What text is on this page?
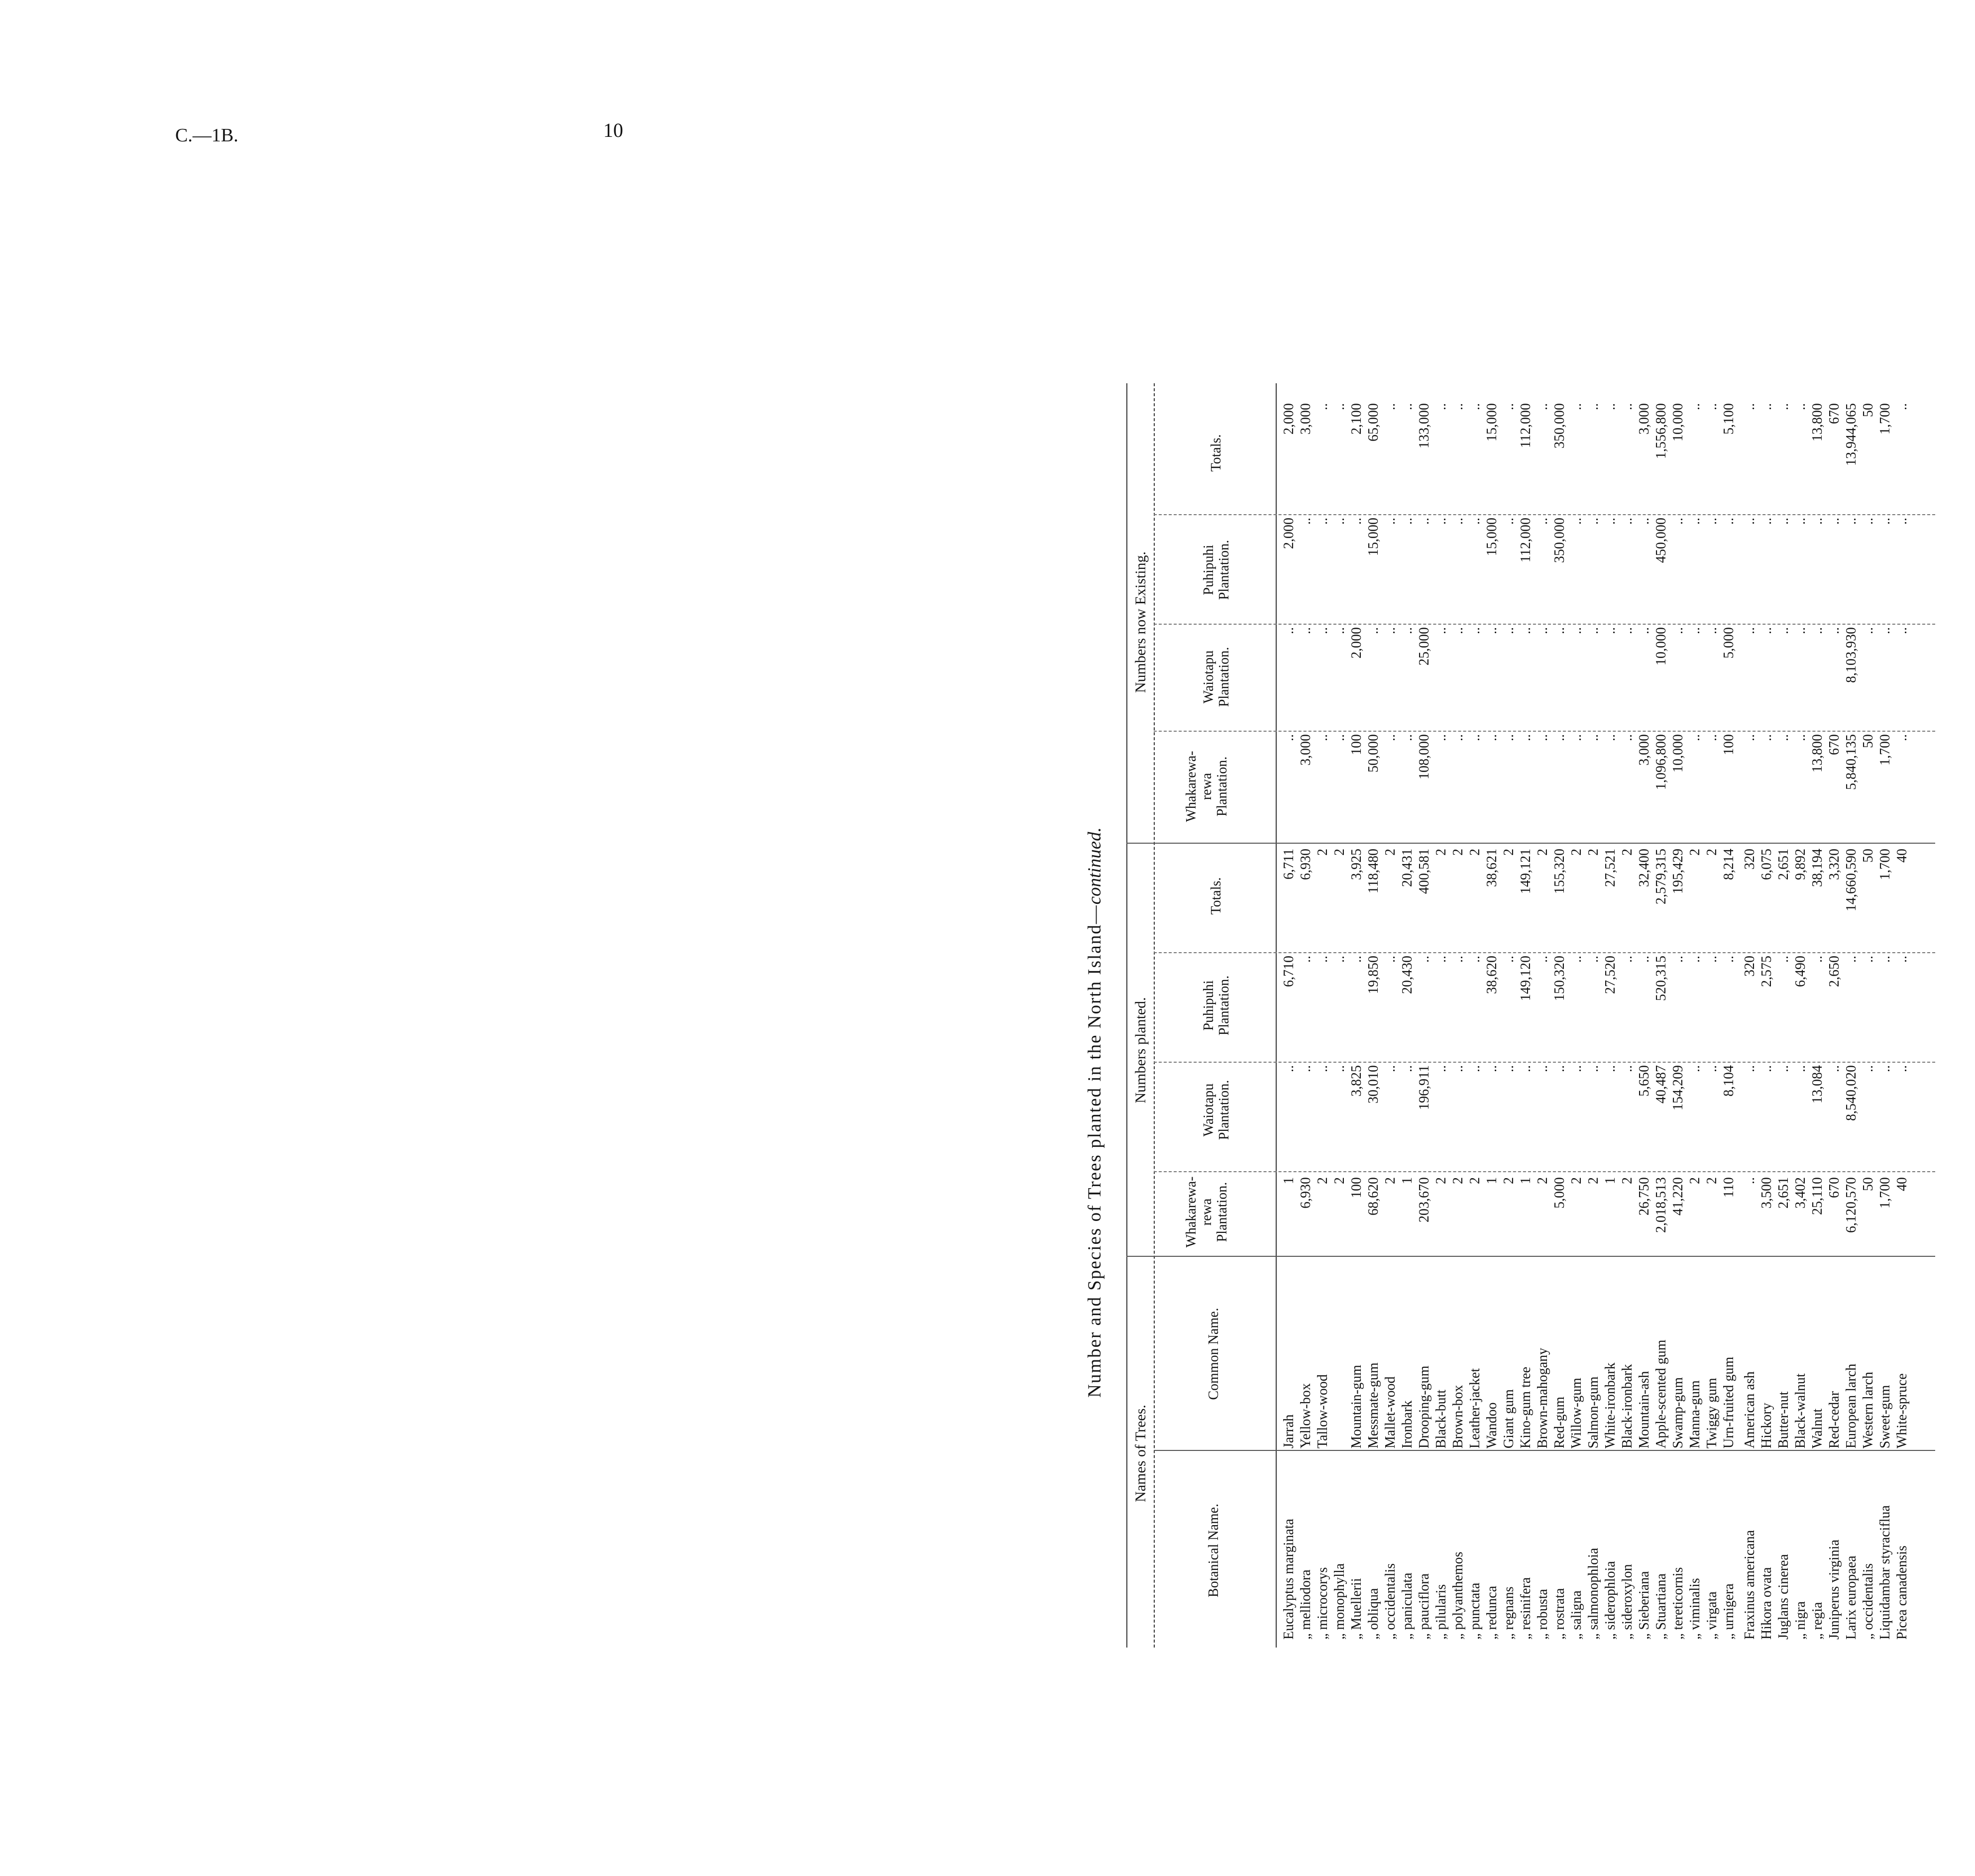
C.—1B.	10
Number and Species of Trees planted in the North Island—continued.
Names of Trees.
Numbers planted.
Numbers now Existing.
Botanical Name.
Common Name.
Whakarewa-rewa Plantation.
Waiotapu Plantation.
Puhipuhi Plantation.
Totals.
Whakarewa-rewa Plantation.
Waiotapu Plantation.
Puhipuhi Plantation.
Totals.
Eucalyptus marginata
Jarrah
1
..
6,710
6,711
..
..
2,000
2,000
„ melliodora
Yellow-box
6,930
..
..
6,930
3,000
..
..
3,000
„ microcorys
Tallow-wood
2
..
..
2
..
..
..
..
„ monophylla
2
..
..
2
..
..
..
..
„ Muellerii
Mountain-gum
100
3,825
..
3,925
100
2,000
..
2,100
„ obliqua
Messmate-gum
68,620
30,010
19,850
118,480
50,000
..
15,000
65,000
„ occidentalis
Mallet-wood
2
..
..
2
..
..
..
..
„ paniculata
Ironbark
1
..
20,430
20,431
..
..
..
..
„ pauciflora
Drooping-gum
203,670
196,911
..
400,581
108,000
25,000
..
133,000
„ pilularis
Black-butt
2
..
..
2
..
..
..
..
„ polyanthemos
Brown-box
2
..
..
2
..
..
..
..
„ punctata
Leather-jacket
2
..
..
2
..
..
..
..
„ redunca
Wandoo
1
..
38,620
38,621
..
..
15,000
15,000
„ regnans
Giant gum
2
..
..
2
..
..
..
..
„ resinifera
Kino-gum tree
1
..
149,120
149,121
..
..
112,000
112,000
„ robusta
Brown-mahogany
2
..
..
2
..
..
..
..
„ rostrata
Red-gum
5,000
..
150,320
155,320
..
..
350,000
350,000
„ saligna
Willow-gum
2
..
..
2
..
..
..
..
„ salmonophloia
Salmon-gum
2
..
..
2
..
..
..
..
„ siderophloia
White-ironbark
1
..
27,520
27,521
..
..
..
..
„ sideroxylon
Black-ironbark
2
..
..
2
..
..
..
..
„ Sieberiana
Mountain-ash
26,750
5,650
..
32,400
3,000
..
..
3,000
„ Stuartiana
Apple-scented gum
2,018,513
40,487
520,315
2,579,315
1,096,800
10,000
450,000
1,556,800
„ tereticornis
Swamp-gum
41,220
154,209
..
195,429
10,000
..
..
10,000
„ viminalis
Manna-gum
2
..
..
2
..
..
..
..
„ virgata
Twiggy gum
2
..
..
2
..
..
..
..
„ urnigera
Urn-fruited gum
110
8,104
..
8,214
100
5,000
..
5,100
Fraxinus americana
American ash
..
..
320
320
..
..
..
..
Hikora ovata
Hickory
3,500
..
2,575
6,075
..
..
..
..
Juglans cinerea
Butter-nut
2,651
..
..
2,651
..
..
..
..
„ nigra
Black-walnut
3,402
..
6,490
9,892
..
..
..
..
„ regia
Walnut
25,110
13,084
..
38,194
13,800
..
..
13,800
Juniperus virginia
Red-cedar
670
..
2,650
3,320
670
..
..
670
Larix europaea
European larch
6,120,570
8,540,020
..
14,660,590
5,840,135
8,103,930
..
13,944,065
„ occidentalis
Western larch
50
..
..
50
50
..
..
50
Liquidambar styraciflua
Sweet-gum
1,700
..
..
1,700
1,700
..
..
1,700
Picea canadensis
White-spruce
40
..
..
40
..
..
..
..
